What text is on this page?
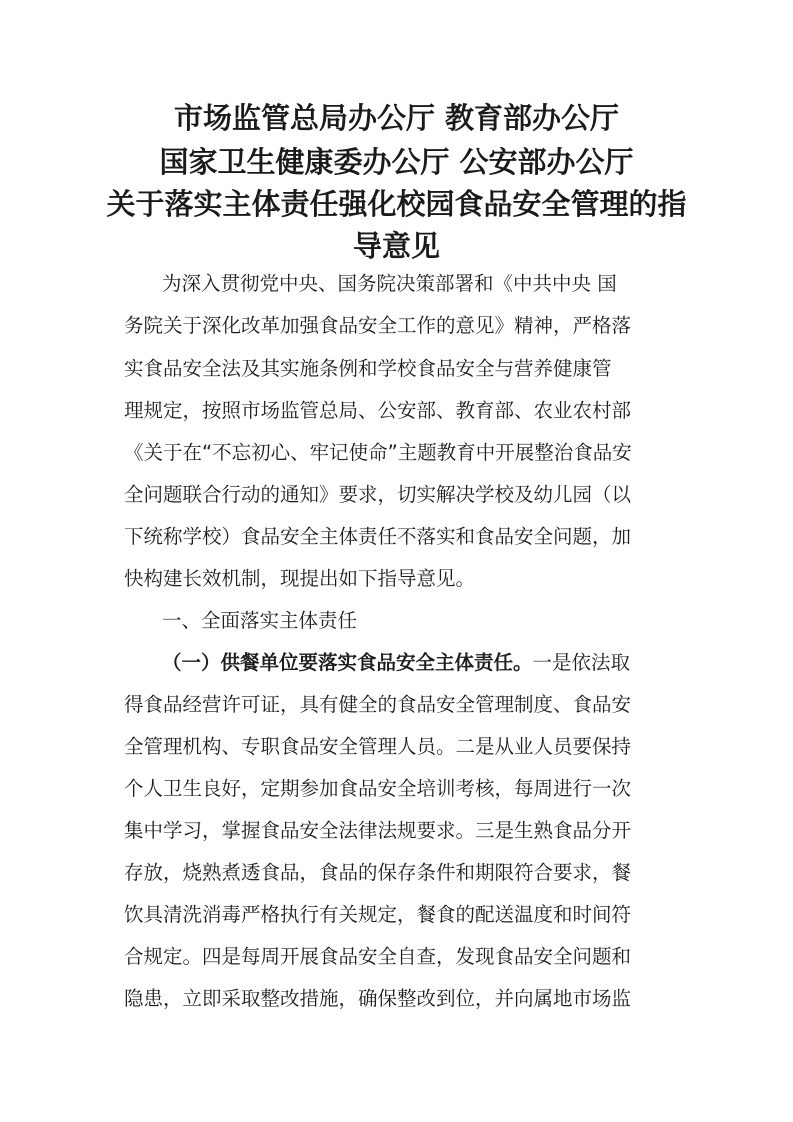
市场监管总局办公厅 教育部办公厅
国家卫生健康委办公厅 公安部办公厅
关于落实主体责任强化校园食品安全管理的指
导意见
为深入贯彻党中央、国务院决策部署和《中共中央 国
务院关于深化改革加强食品安全工作的意见》精神，严格落
实食品安全法及其实施条例和学校食品安全与营养健康管
理规定，按照市场监管总局、公安部、教育部、农业农村部
《关于在“不忘初心、牢记使命”主题教育中开展整治食品安
全问题联合行动的通知》要求，切实解决学校及幼儿园（以
下统称学校）食品安全主体责任不落实和食品安全问题，加
快构建长效机制，现提出如下指导意见。
一、全面落实主体责任
（一）供餐单位要落实食品安全主体责任。一是依法取
得食品经营许可证，具有健全的食品安全管理制度、食品安
全管理机构、专职食品安全管理人员。二是从业人员要保持
个人卫生良好，定期参加食品安全培训考核，每周进行一次
集中学习，掌握食品安全法律法规要求。三是生熟食品分开
存放，烧熟煮透食品，食品的保存条件和期限符合要求，餐
饮具清洗消毒严格执行有关规定，餐食的配送温度和时间符
合规定。四是每周开展食品安全自查，发现食品安全问题和
隐患，立即采取整改措施，确保整改到位，并向属地市场监
